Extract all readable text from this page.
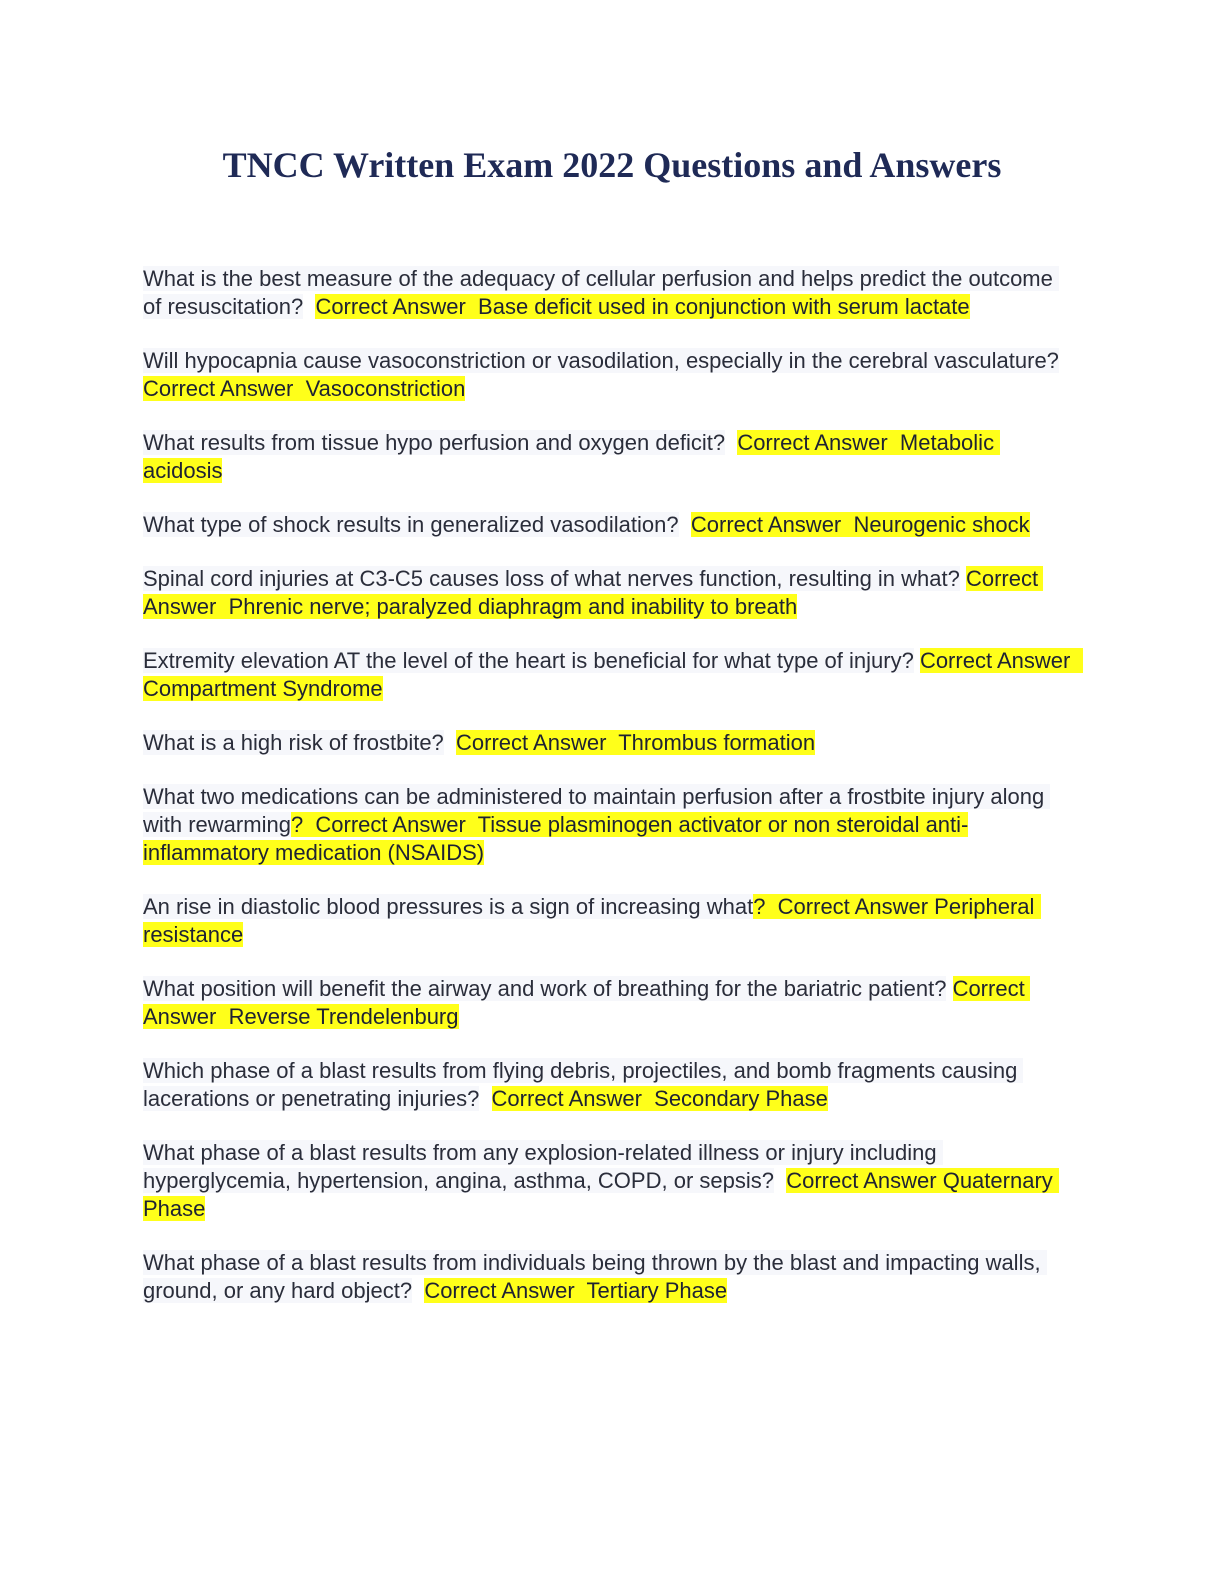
TNCC Written Exam 2022 Questions and Answers

What is the best measure of the adequacy of cellular perfusion and helps predict the outcome of resuscitation? Correct Answer  Base deficit used in conjunction with serum lactate

Will hypocapnia cause vasoconstriction or vasodilation, especially in the cerebral vasculature?  Correct Answer  Vasoconstriction

What results from tissue hypo perfusion and oxygen deficit? Correct Answer  Metabolic acidosis

What type of shock results in generalized vasodilation? Correct Answer  Neurogenic shock

Spinal cord injuries at C3-C5 causes loss of what nerves function, resulting in what? Correct Answer  Phrenic nerve; paralyzed diaphragm and inability to breath

Extremity elevation AT the level of the heart is beneficial for what type of injury? Correct Answer  Compartment Syndrome

What is a high risk of frostbite? Correct Answer  Thrombus formation

What two medications can be administered to maintain perfusion after a frostbite injury along with rewarming?  Correct Answer  Tissue plasminogen activator or non steroidal anti-inflammatory medication (NSAIDS)

An rise in diastolic blood pressures is a sign of increasing what?  Correct Answer Peripheral resistance

What position will benefit the airway and work of breathing for the bariatric patient? Correct Answer  Reverse Trendelenburg

Which phase of a blast results from flying debris, projectiles, and bomb fragments causing lacerations or penetrating injuries? Correct Answer  Secondary Phase

What phase of a blast results from any explosion-related illness or injury including hyperglycemia, hypertension, angina, asthma, COPD, or sepsis? Correct Answer Quaternary Phase

What phase of a blast results from individuals being thrown by the blast and impacting walls, ground, or any hard object? Correct Answer  Tertiary Phase
